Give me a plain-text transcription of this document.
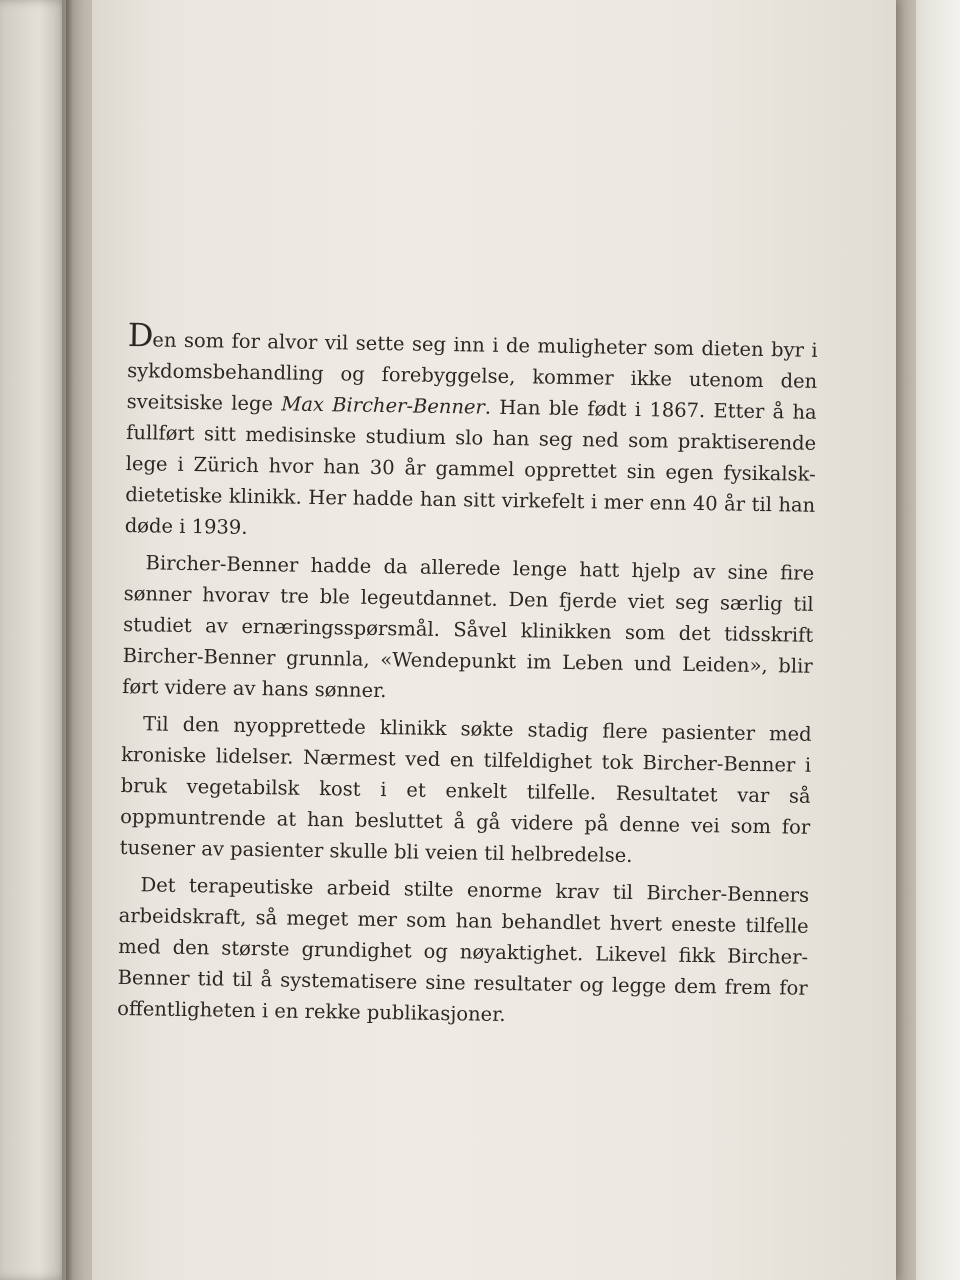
Den som for alvor vil sette seg inn i de muligheter som dieten byr i sykdomsbehandling og forebyggelse, kommer ikke utenom den sveitsiske lege Max Bircher-Benner. Han ble født i 1867. Etter å ha fullført sitt medisinske studium slo han seg ned som praktiserende lege i Zürich hvor han 30 år gammel opprettet sin egen fysikalsk-dietetiske klinikk. Her hadde han sitt virkefelt i mer enn 40 år til han døde i 1939.

Bircher-Benner hadde da allerede lenge hatt hjelp av sine fire sønner hvorav tre ble legeutdannet. Den fjerde viet seg særlig til studiet av ernæringsspørsmål. Såvel klinikken som det tidsskrift Bircher-Benner grunnla, «Wendepunkt im Leben und Leiden», blir ført videre av hans sønner.

Til den nyopprettede klinikk søkte stadig flere pasienter med kroniske lidelser. Nærmest ved en tilfeldighet tok Bircher-Benner i bruk vegetabilsk kost i et enkelt tilfelle. Resultatet var så oppmuntrende at han besluttet å gå videre på denne vei som for tusener av pasienter skulle bli veien til helbredelse.

Det terapeutiske arbeid stilte enorme krav til Bircher-Benners arbeidskraft, så meget mer som han behandlet hvert eneste tilfelle med den største grundighet og nøyaktighet. Likevel fikk Bircher-Benner tid til å systematisere sine resultater og legge dem frem for offentligheten i en rekke publikasjoner.
